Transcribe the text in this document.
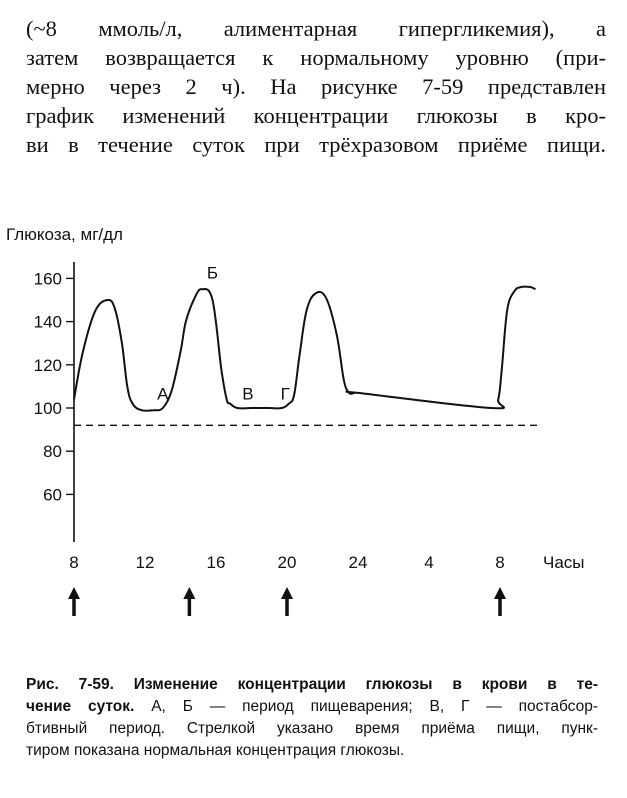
(~8 ммоль/л, алиментарная гипергликемия), а
затем возвращается к нормальному уровню (при-
мерно через 2 ч). На рисунке 7-59 представлен
график изменений концентрации глюкозы в кро-
ви в течение суток при трёхразовом приёме пищи.
Глюкоза, мг/дл
60
80
100
120
140
160
8	12	16	20	24	4	8 Часы
А
Б
В Г
Рис. 7-59. Изменение концентрации глюкозы в крови в те-
чение суток. А, Б — период пищеварения; В, Г — постабсор-
бтивный период. Стрелкой указано время приёма пищи, пунк-
тиром показана нормальная концентрация глюкозы.
